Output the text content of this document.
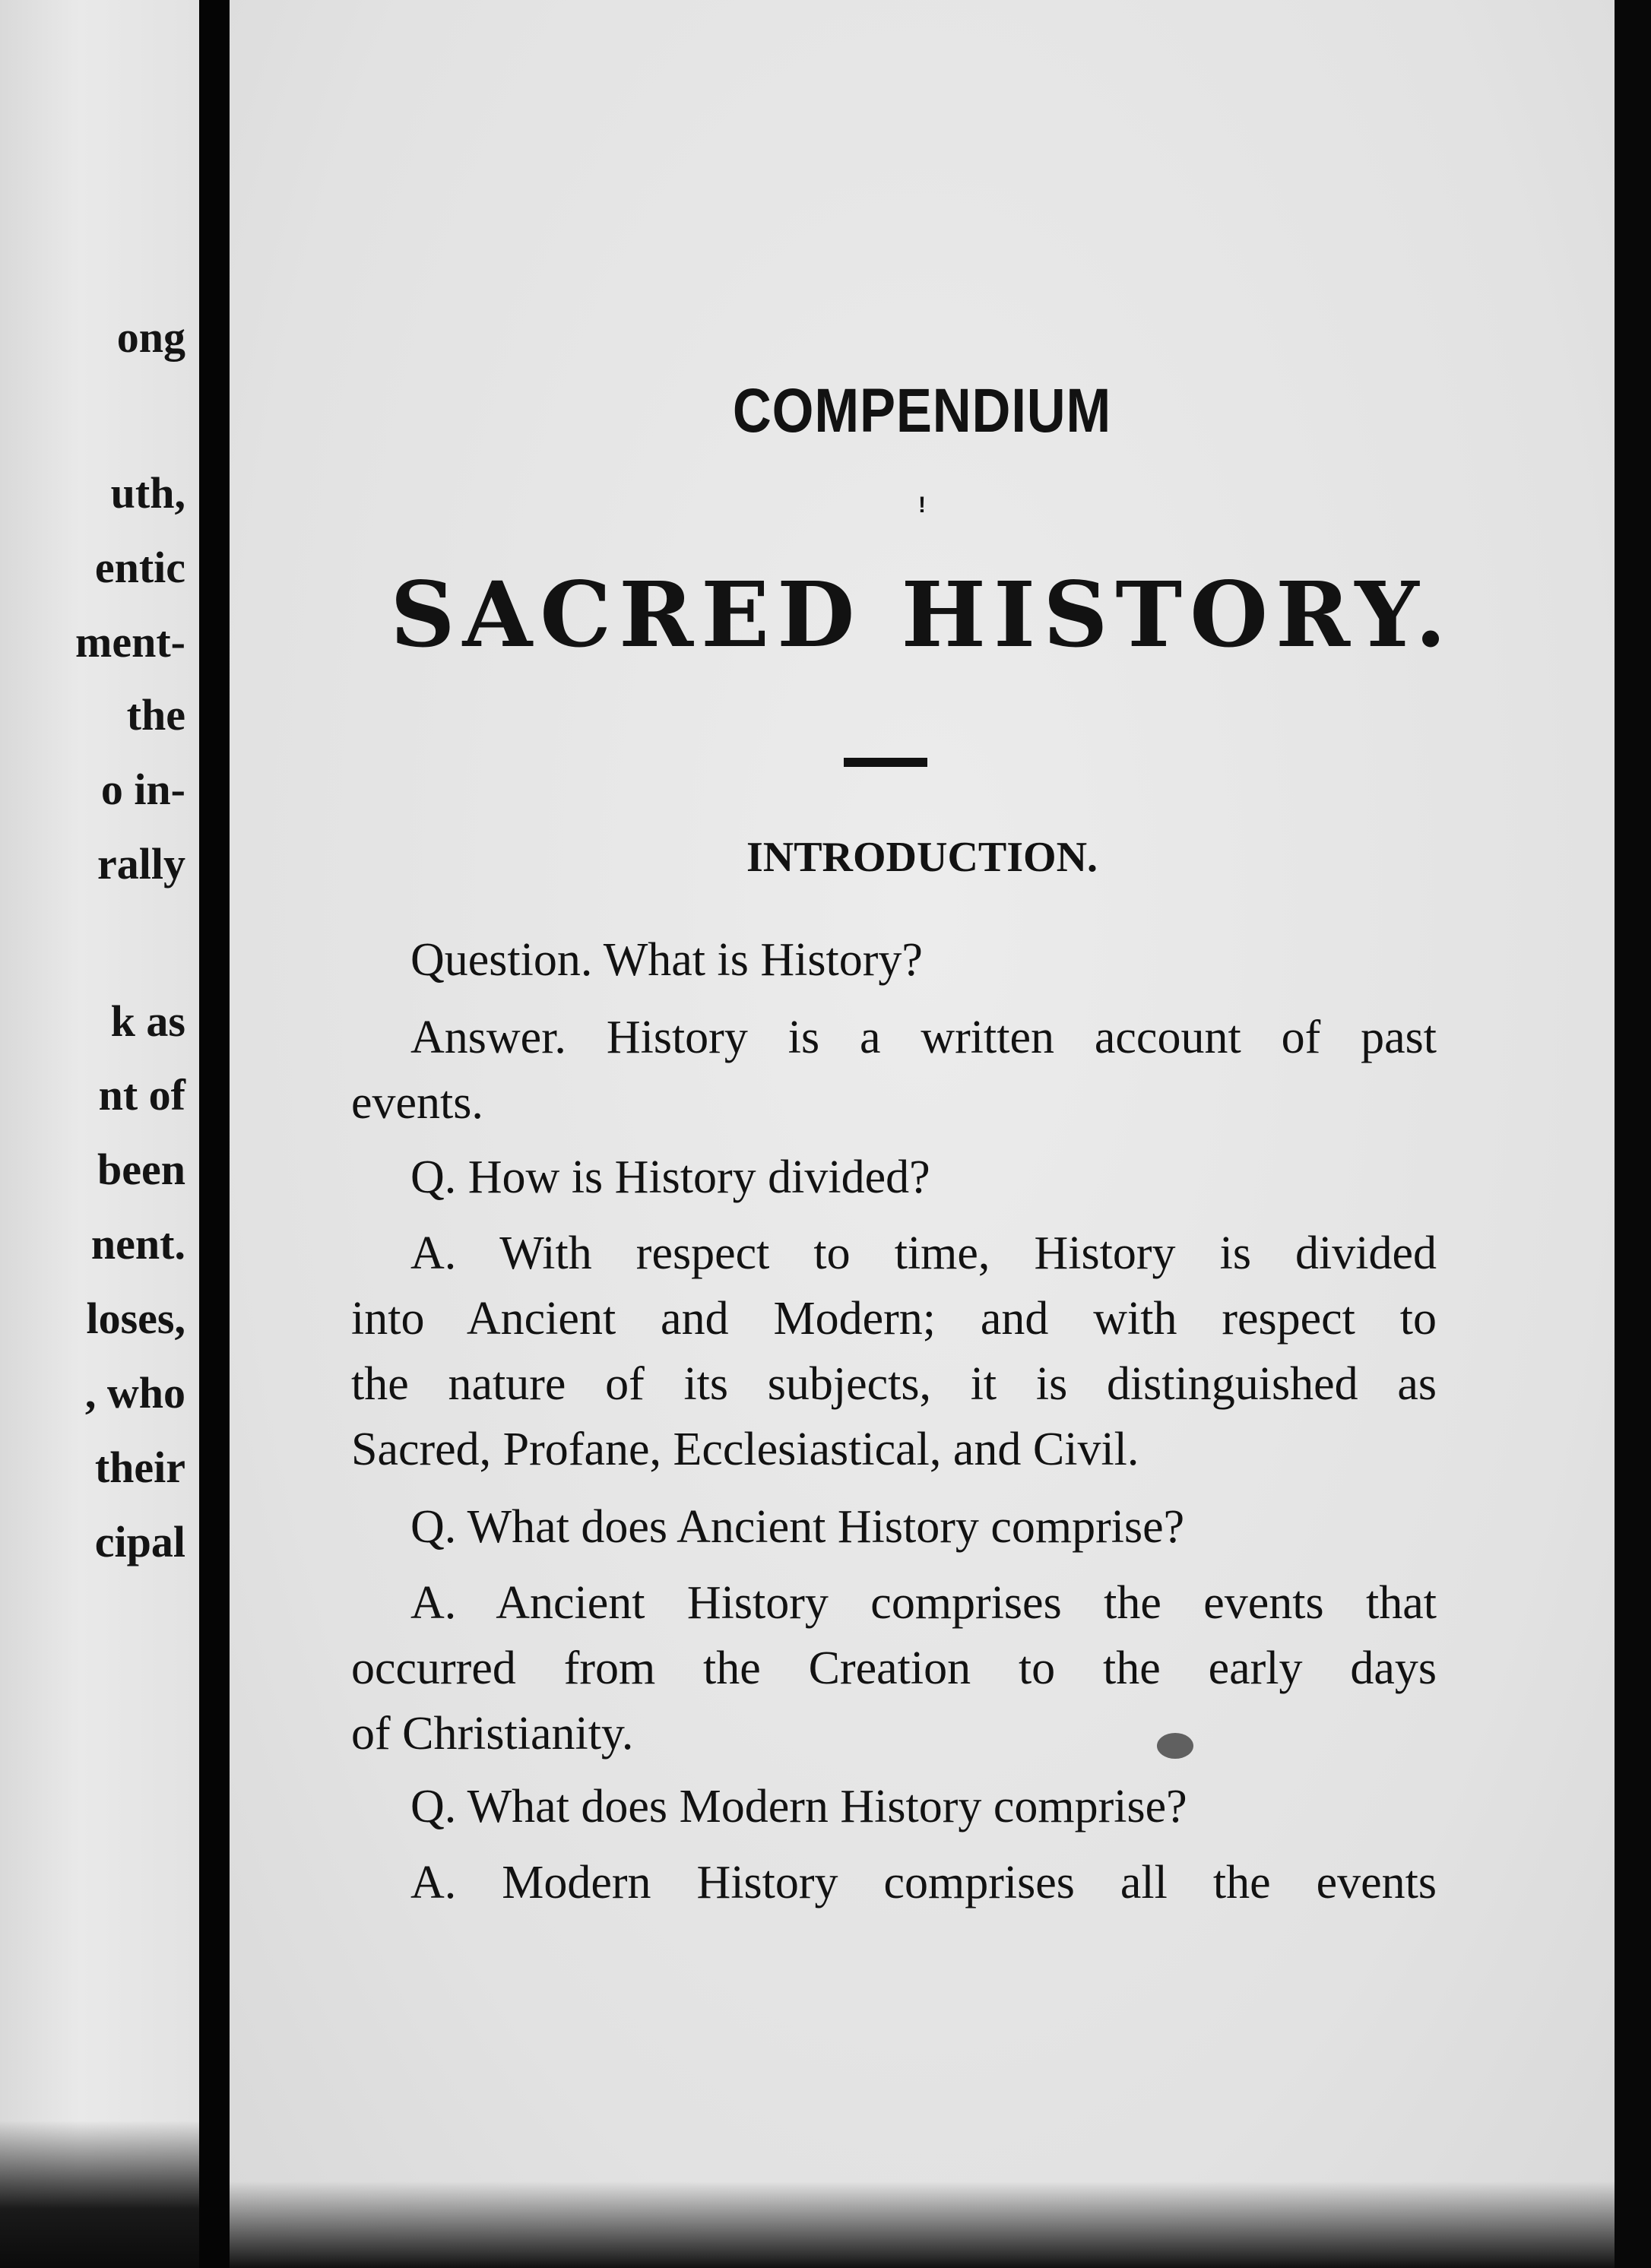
ong
uth,
entic
ment-
the
o in-
rally
k as
nt of
been
nent.
loses,
, who
their
cipal
COMPENDIUM
!
SACRED HISTORY.
INTRODUCTION.
Question. What is History?
Answer. History is a written account of past
events.
Q. How is History divided?
A. With respect to time, History is divided
into Ancient and Modern; and with respect to
the nature of its subjects, it is distinguished as
Sacred, Profane, Ecclesiastical, and Civil.
Q. What does Ancient History comprise?
A. Ancient History comprises the events that
occurred from the Creation to the early days
of Christianity.
Q. What does Modern History comprise?
A. Modern History comprises all the events
